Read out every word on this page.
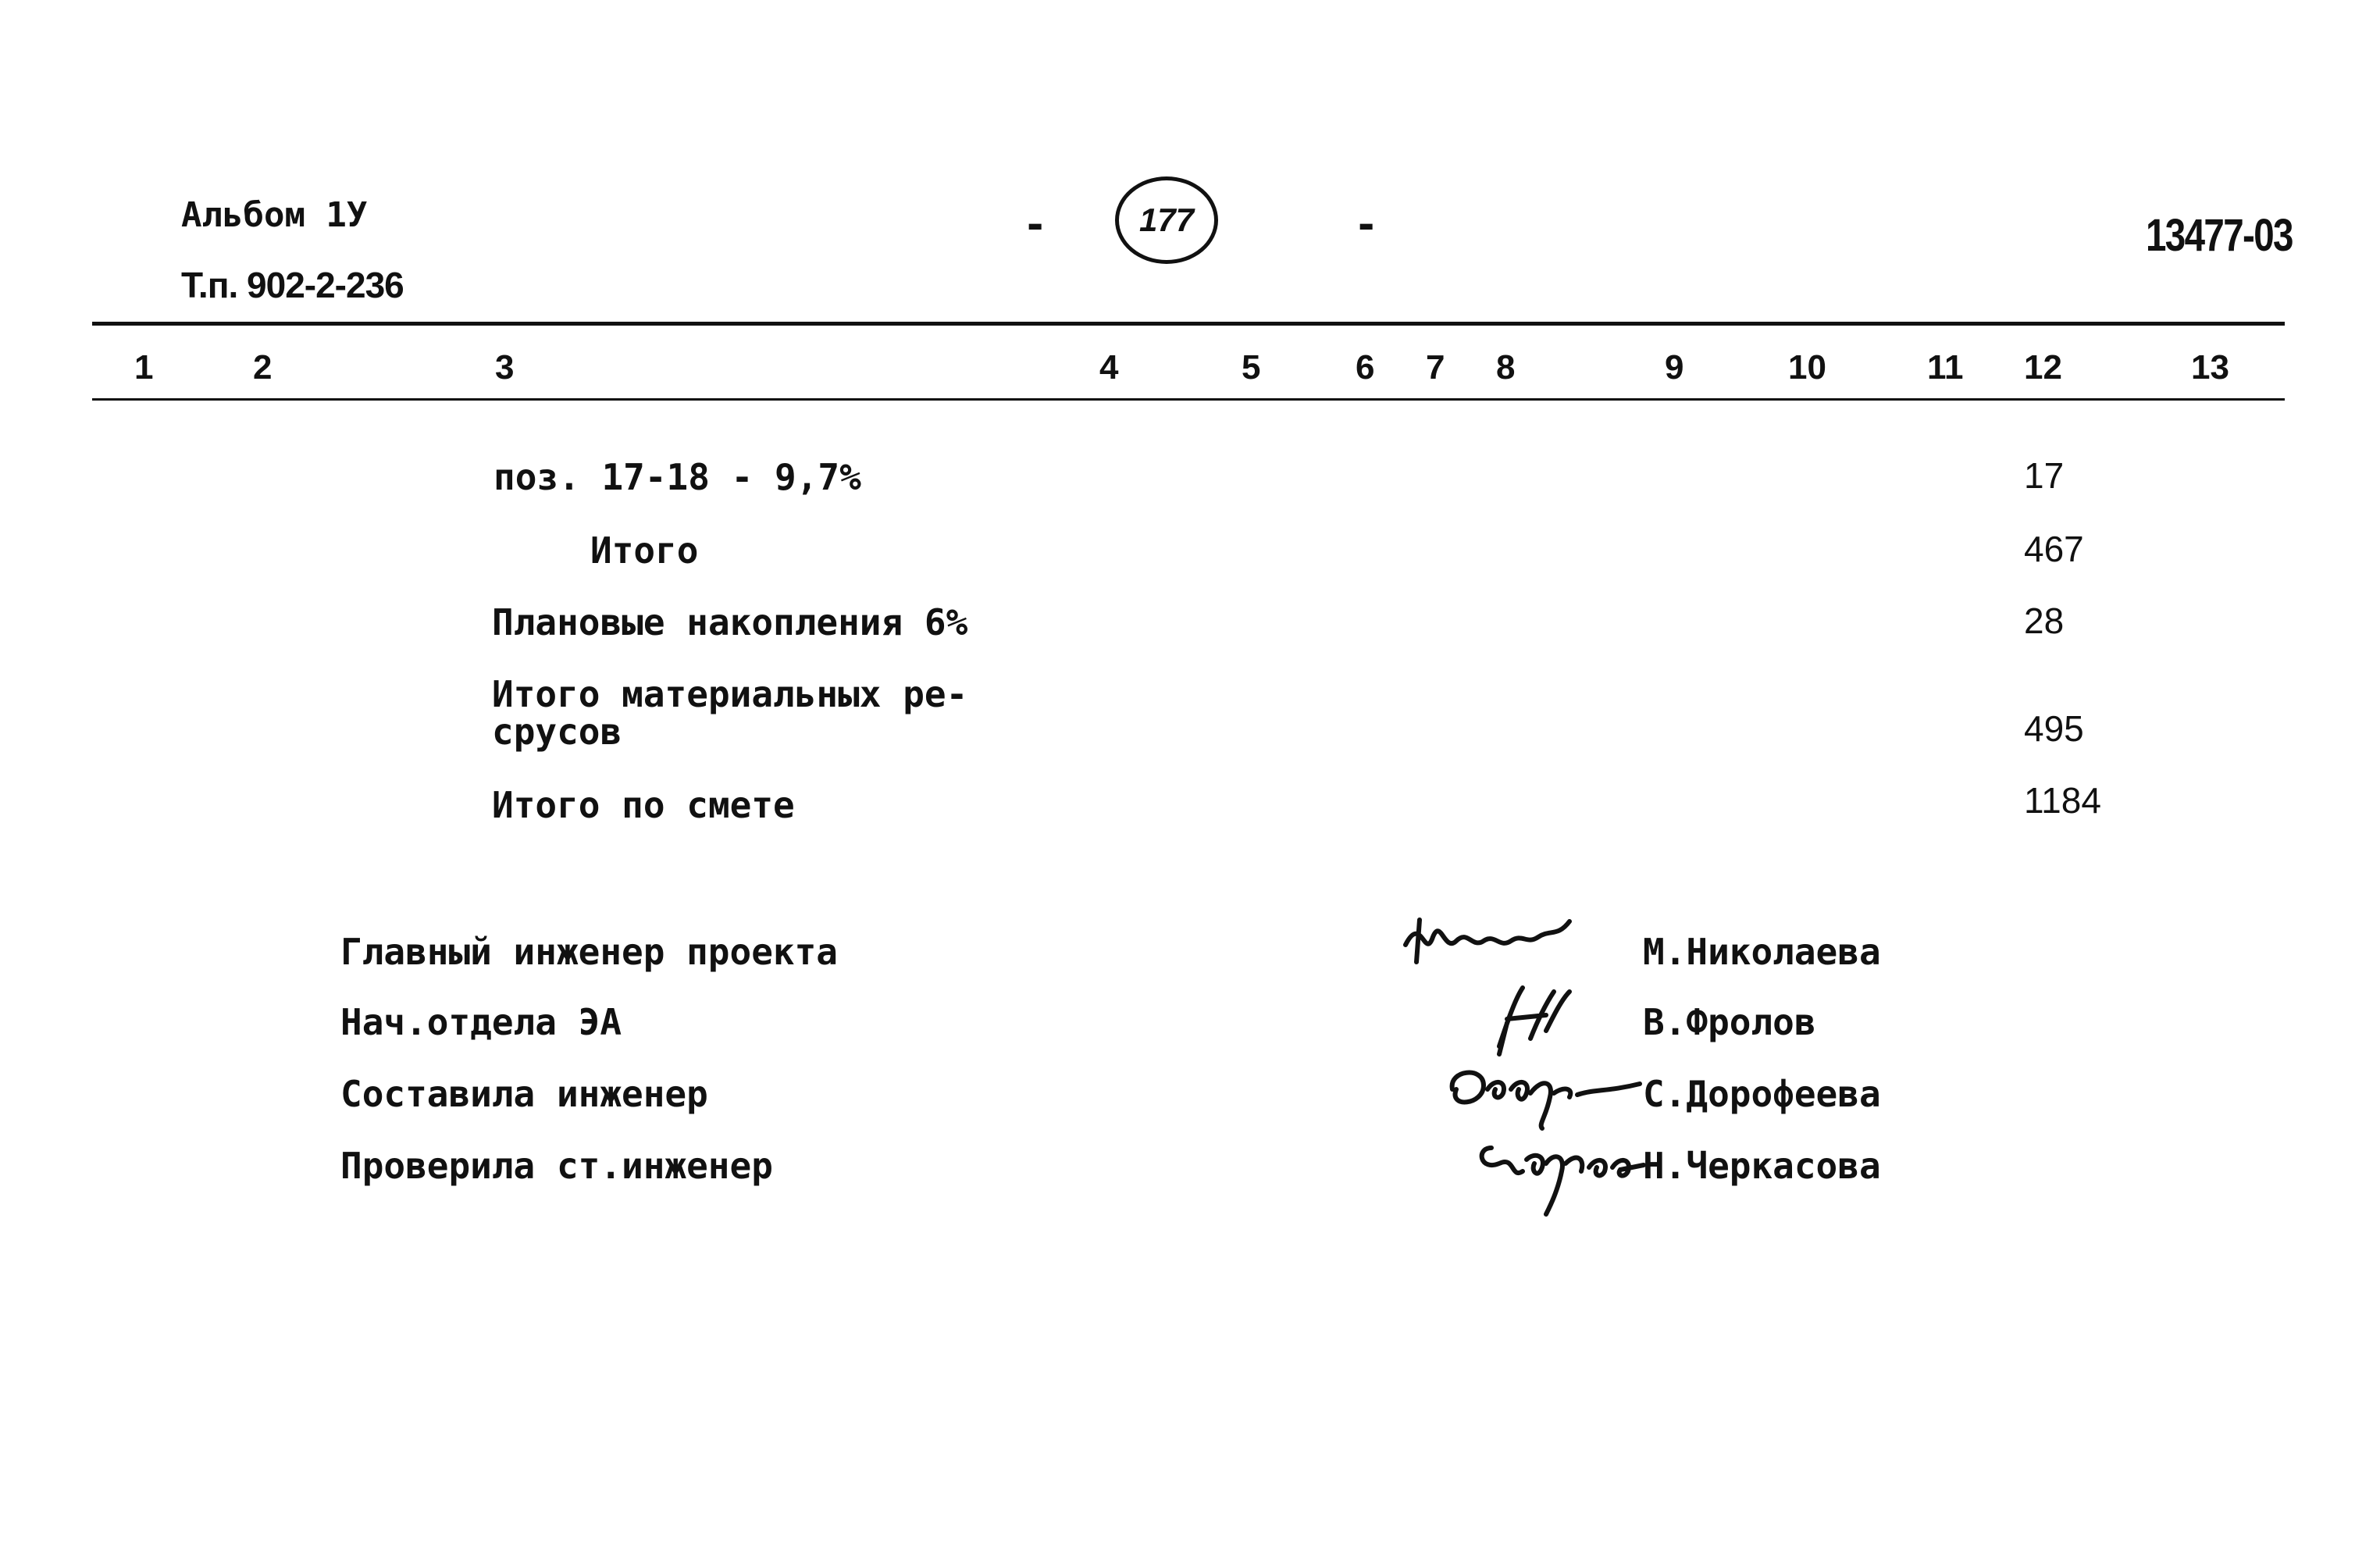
Альбом 1У
Т.п. 902-2-236
-	177	-	13477-03
1	2	3	4	5	6 7 8	9	10	11 12	13
поз. 17-18 - 9,7%	17
Итого	467
Плановые накопления 6%	28
Итого материальных ре-
срусов	495
Итого по смете	1184
Главный инженер проекта	М.Николаева
Нач.отдела ЭА	В.Фролов
Составила инженер	С.Дорофеева
Проверила ст.инженер	Н.Черкасова
